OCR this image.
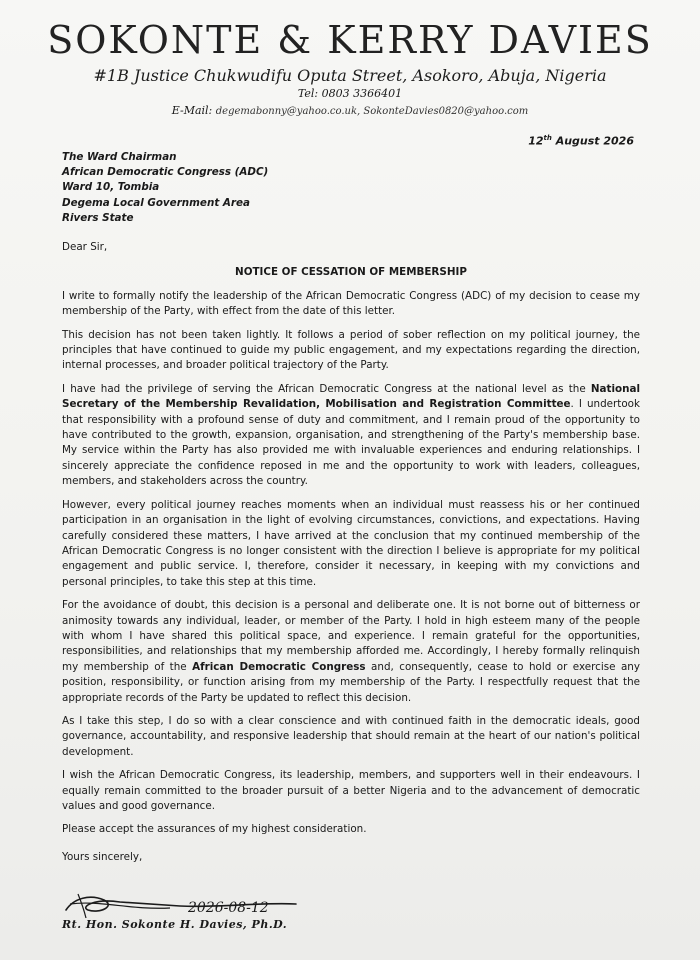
SOKONTE & KERRY DAVIES
#1B Justice Chukwudifu Oputa Street, Asokoro, Abuja, Nigeria
Tel: 0803 3366401
E-Mail: degemabonny@yahoo.co.uk, SokonteDavies0820@yahoo.com
12th August 2026
The Ward Chairman
African Democratic Congress (ADC)
Ward 10, Tombia
Degema Local Government Area
Rivers State
Dear Sir,
NOTICE OF CESSATION OF MEMBERSHIP

I write to formally notify the leadership of the African Democratic Congress (ADC) of my decision to cease my membership of the Party, with effect from the date of this letter.

This decision has not been taken lightly. It follows a period of sober reflection on my political journey, the principles that have continued to guide my public engagement, and my expectations regarding the direction, internal processes, and broader political trajectory of the Party.

I have had the privilege of serving the African Democratic Congress at the national level as the National Secretary of the Membership Revalidation, Mobilisation and Registration Committee. I undertook that responsibility with a profound sense of duty and commitment, and I remain proud of the opportunity to have contributed to the growth, expansion, organisation, and strengthening of the Party's membership base. My service within the Party has also provided me with invaluable experiences and enduring relationships. I sincerely appreciate the confidence reposed in me and the opportunity to work with leaders, colleagues, members, and stakeholders across the country.

However, every political journey reaches moments when an individual must reassess his or her continued participation in an organisation in the light of evolving circumstances, convictions, and expectations. Having carefully considered these matters, I have arrived at the conclusion that my continued membership of the African Democratic Congress is no longer consistent with the direction I believe is appropriate for my political engagement and public service. I, therefore, consider it necessary, in keeping with my convictions and personal principles, to take this step at this time.

For the avoidance of doubt, this decision is a personal and deliberate one. It is not borne out of bitterness or animosity towards any individual, leader, or member of the Party. I hold in high esteem many of the people with whom I have shared this political space, and experience. I remain grateful for the opportunities, responsibilities, and relationships that my membership afforded me. Accordingly, I hereby formally relinquish my membership of the African Democratic Congress and, consequently, cease to hold or exercise any position, responsibility, or function arising from my membership of the Party. I respectfully request that the appropriate records of the Party be updated to reflect this decision.

As I take this step, I do so with a clear conscience and with continued faith in the democratic ideals, good governance, accountability, and responsive leadership that should remain at the heart of our nation's political development.

I wish the African Democratic Congress, its leadership, members, and supporters well in their endeavours. I equally remain committed to the broader pursuit of a better Nigeria and to the advancement of democratic values and good governance.

Please accept the assurances of my highest consideration.

Yours sincerely,
2026-08-12
Rt. Hon. Sokonte H. Davies, Ph.D.
